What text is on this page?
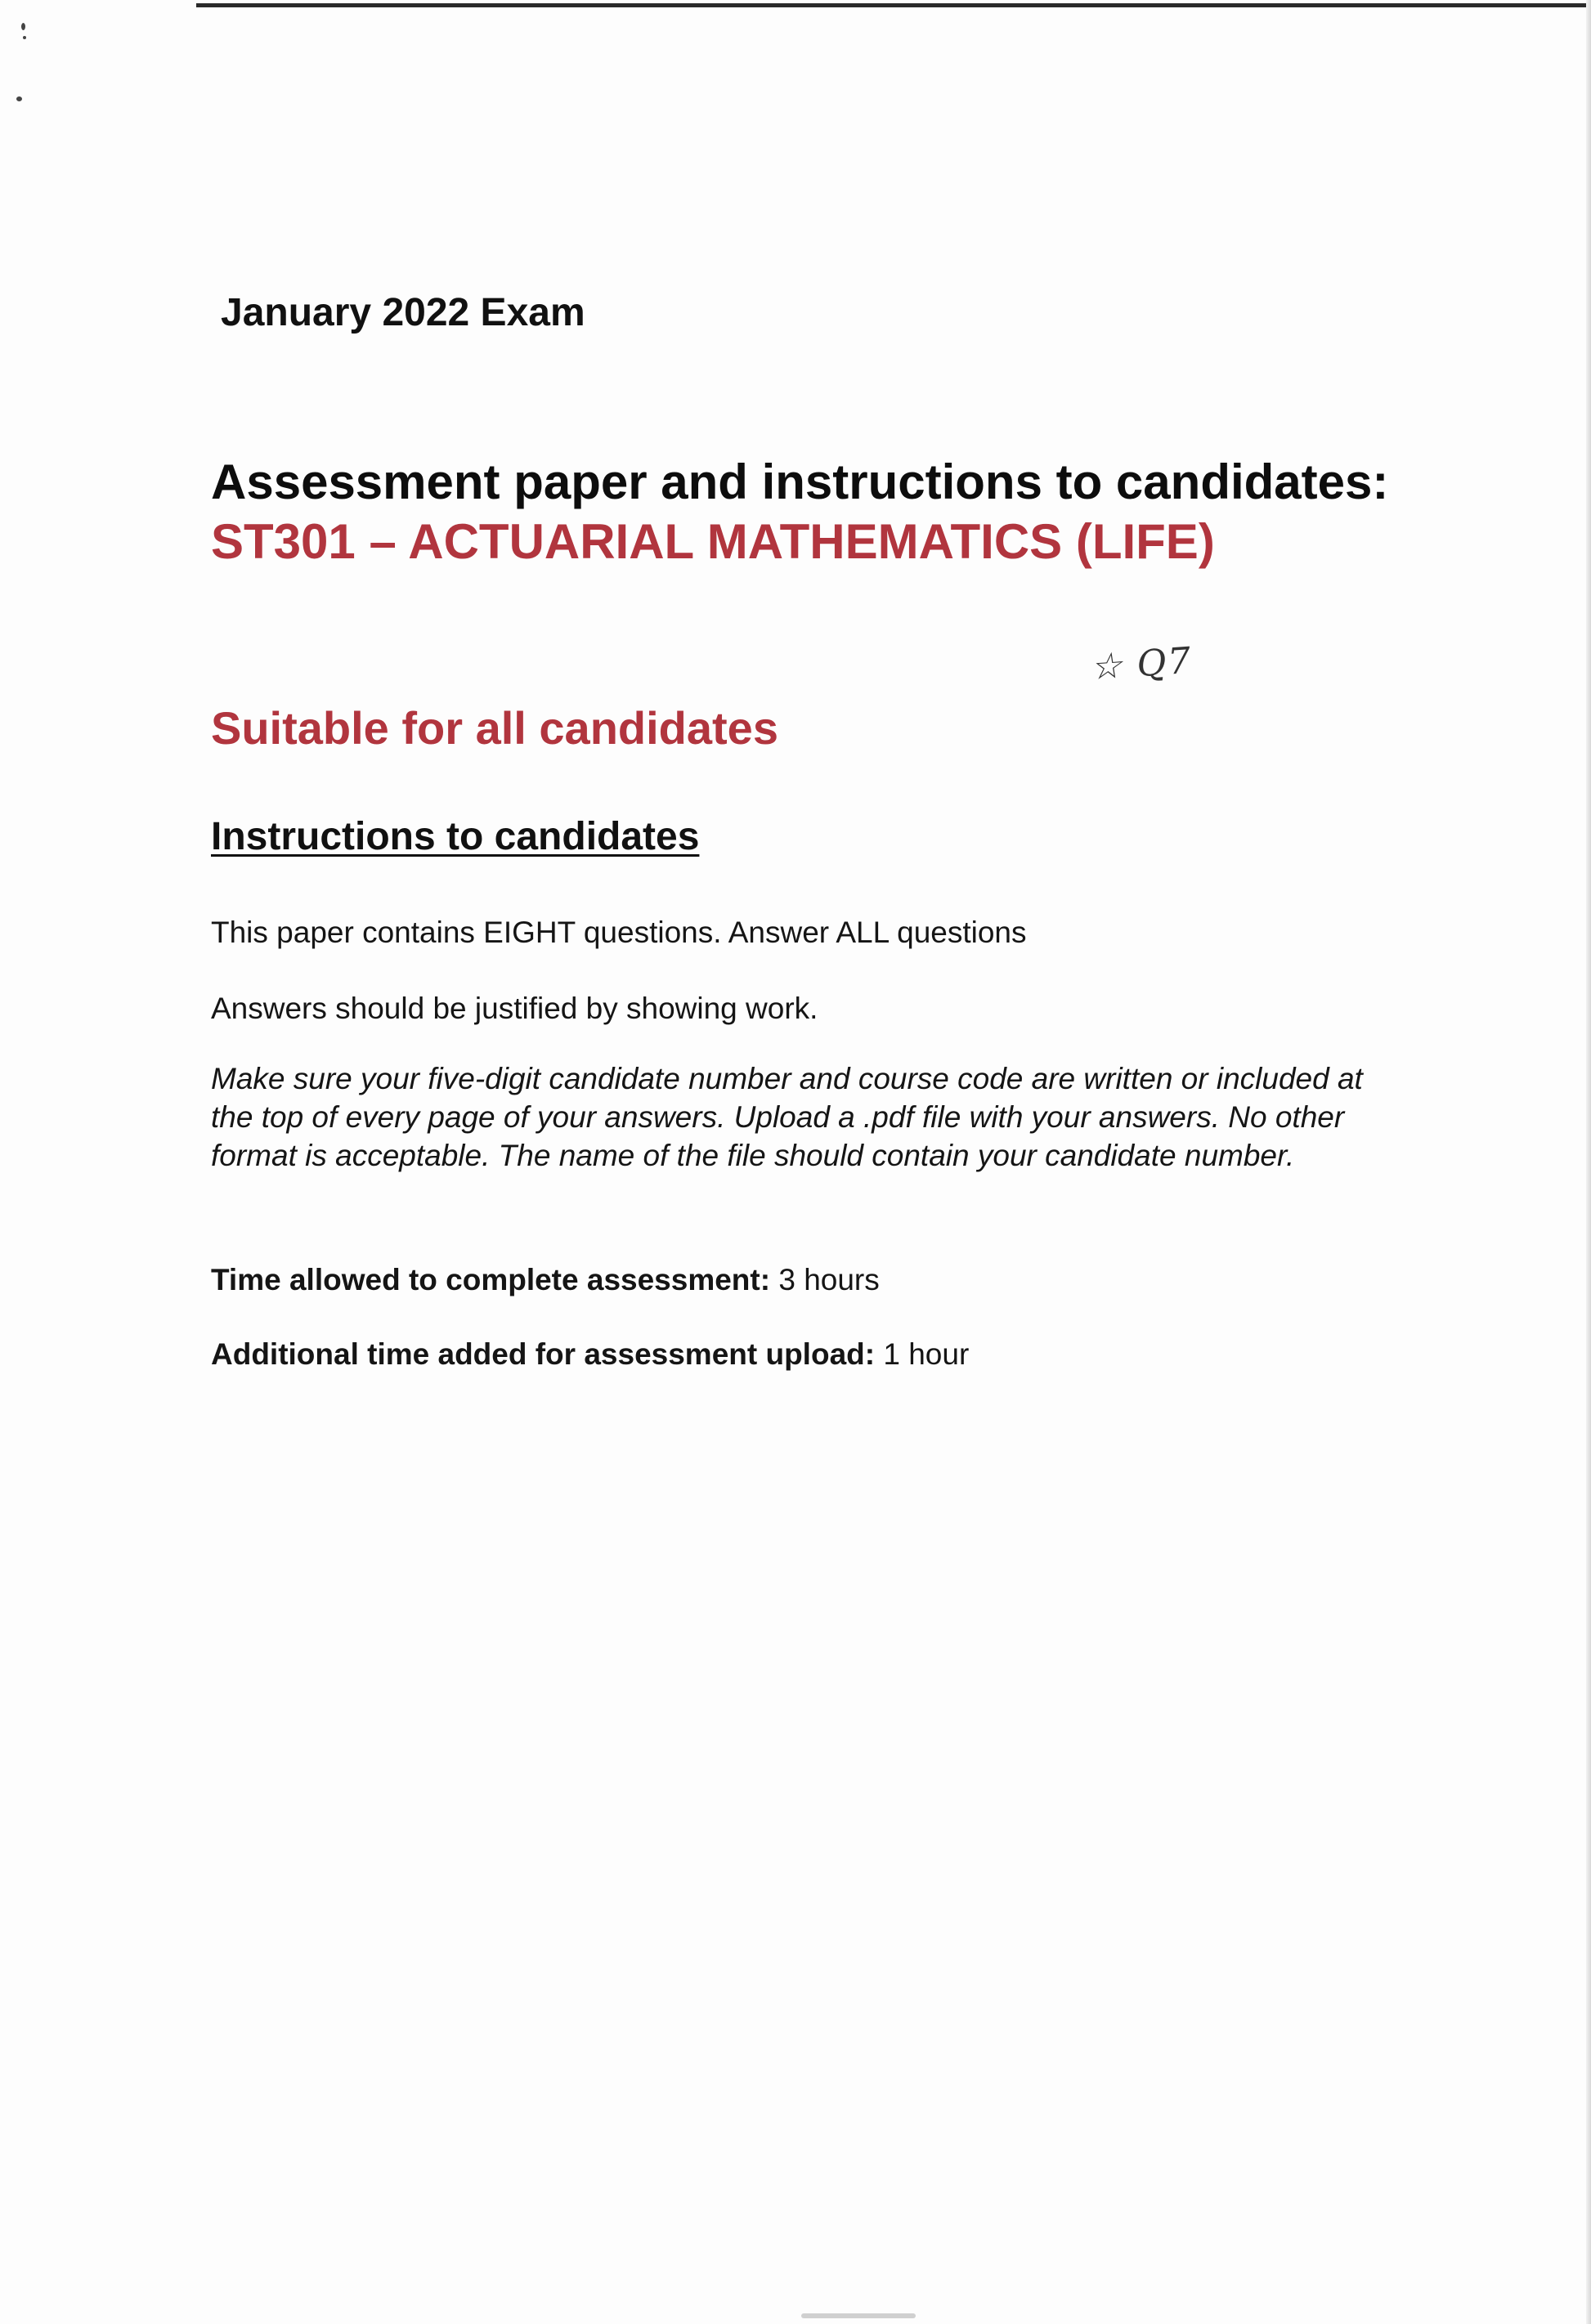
January 2022 Exam
Assessment paper and instructions to candidates:
ST301 – ACTUARIAL MATHEMATICS (LIFE)
☆ Q7
Suitable for all candidates
Instructions to candidates

This paper contains EIGHT questions. Answer ALL questions

Answers should be justified by showing work.

Make sure your five-digit candidate number and course code are written or included at the top of every page of your answers. Upload a .pdf file with your answers. No other format is acceptable. The name of the file should contain your candidate number.

Time allowed to complete assessment: 3 hours

Additional time added for assessment upload: 1 hour
